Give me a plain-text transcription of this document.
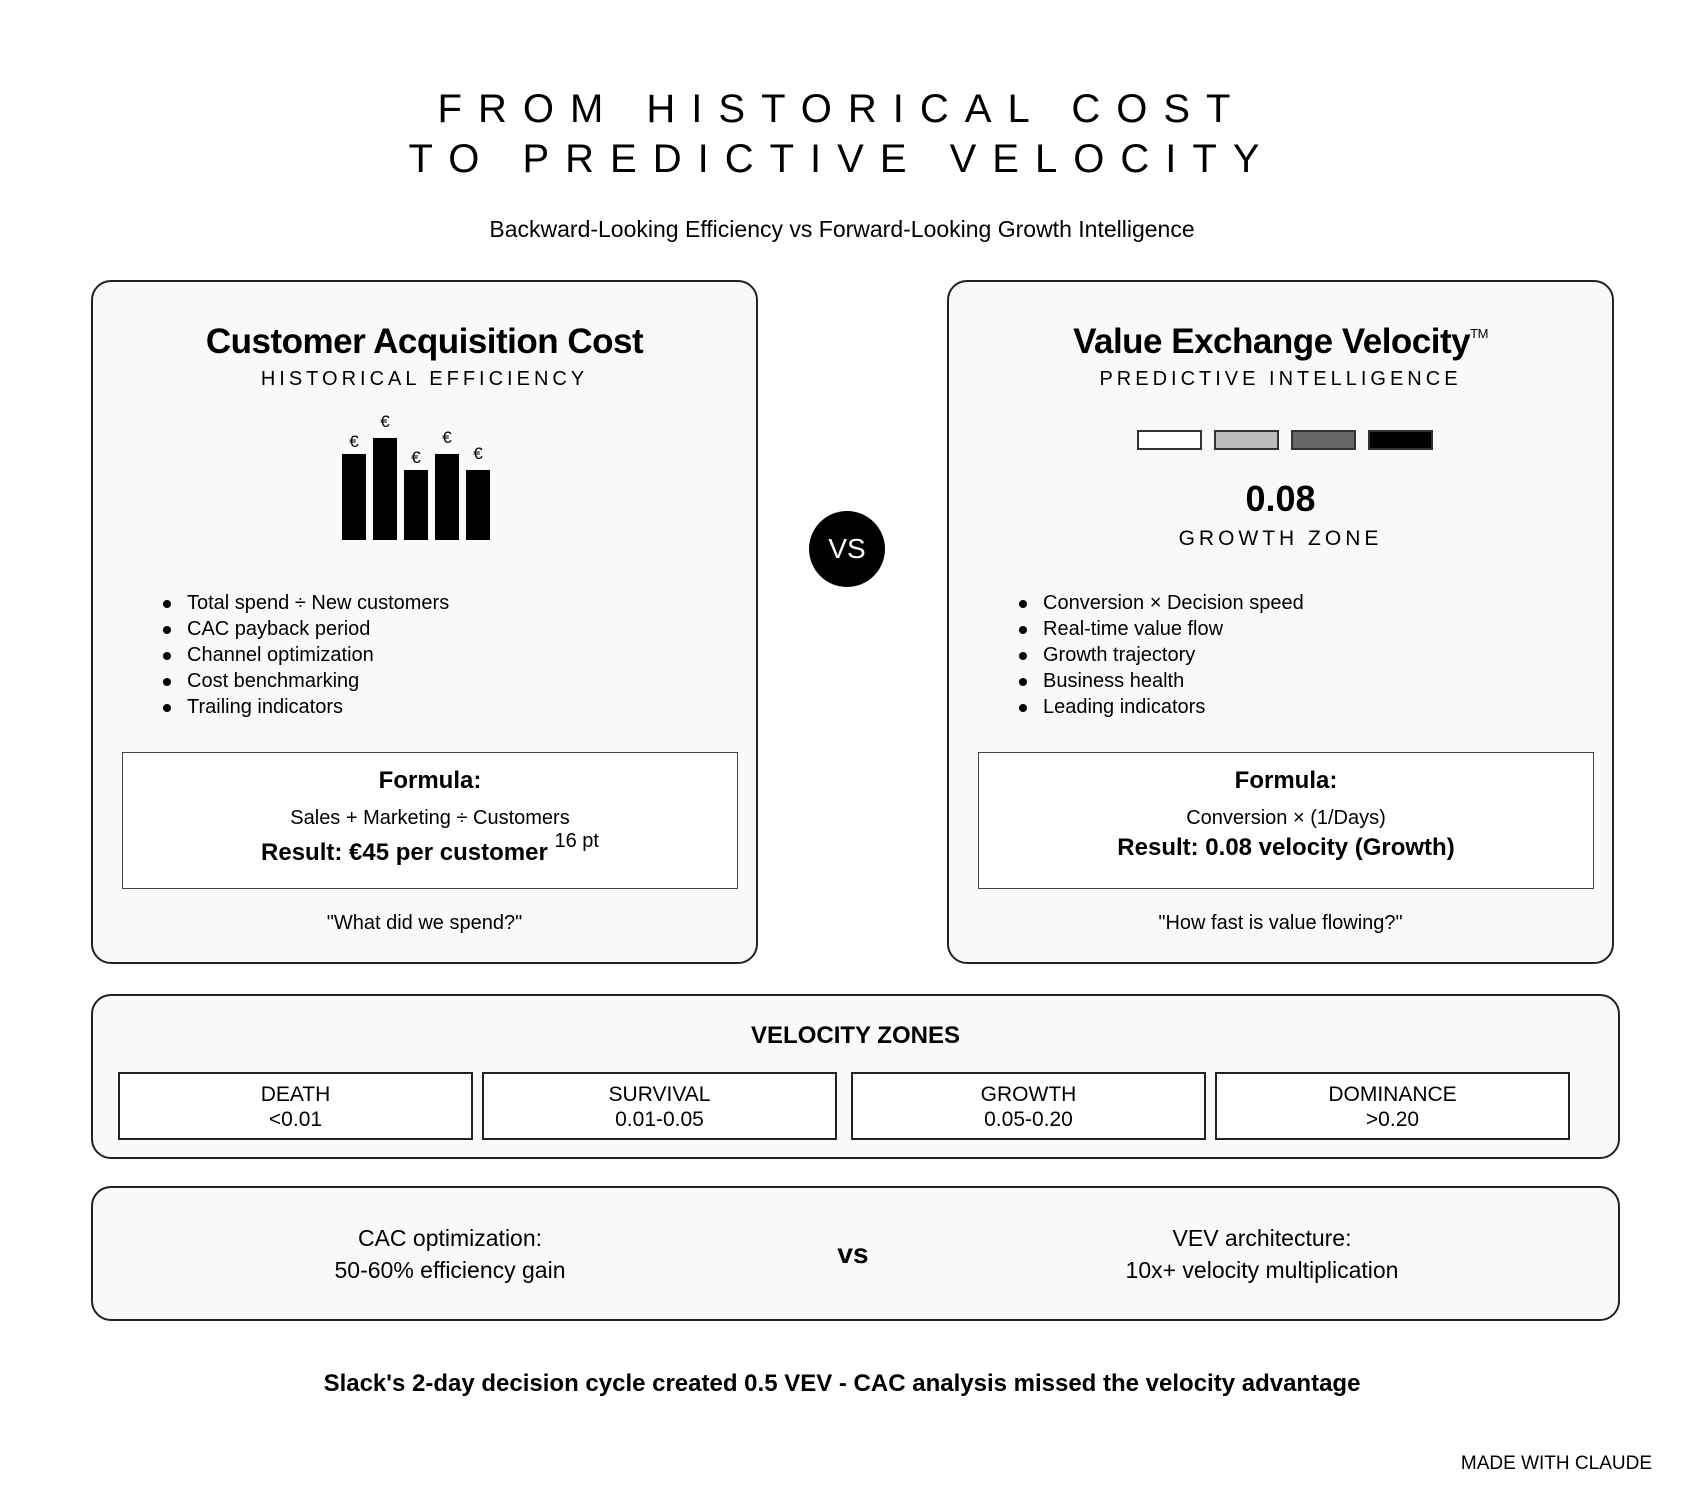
FROM HISTORICAL COST
TO PREDICTIVE VELOCITY
Backward-Looking Efficiency vs Forward-Looking Growth Intelligence
Customer Acquisition Cost
HISTORICAL EFFICIENCY
€
€
€
€
€
Total spend ÷ New customers
CAC payback period
Channel optimization
Cost benchmarking
Trailing indicators
Formula:
Sales + Marketing ÷ Customers
Result: €45 per customer $^{16 pt}$
"What did we spend?"
VS
Value Exchange Velocity™
PREDICTIVE INTELLIGENCE
0.08
GROWTH ZONE
Conversion × Decision speed
Real-time value flow
Growth trajectory
Business health
Leading indicators
Formula:
Conversion × (1/Days)
Result: 0.08 velocity (Growth)
"How fast is value flowing?"
VELOCITY ZONES
DEATH
<0.01
SURVIVAL
0.01-0.05
GROWTH
0.05-0.20
DOMINANCE
>0.20
CAC optimization:
50-60% efficiency gain
vs	VEV architecture:
10x+ velocity multiplication
Slack's 2-day decision cycle created 0.5 VEV - CAC analysis missed the velocity advantage
MADE WITH CLAUDE
